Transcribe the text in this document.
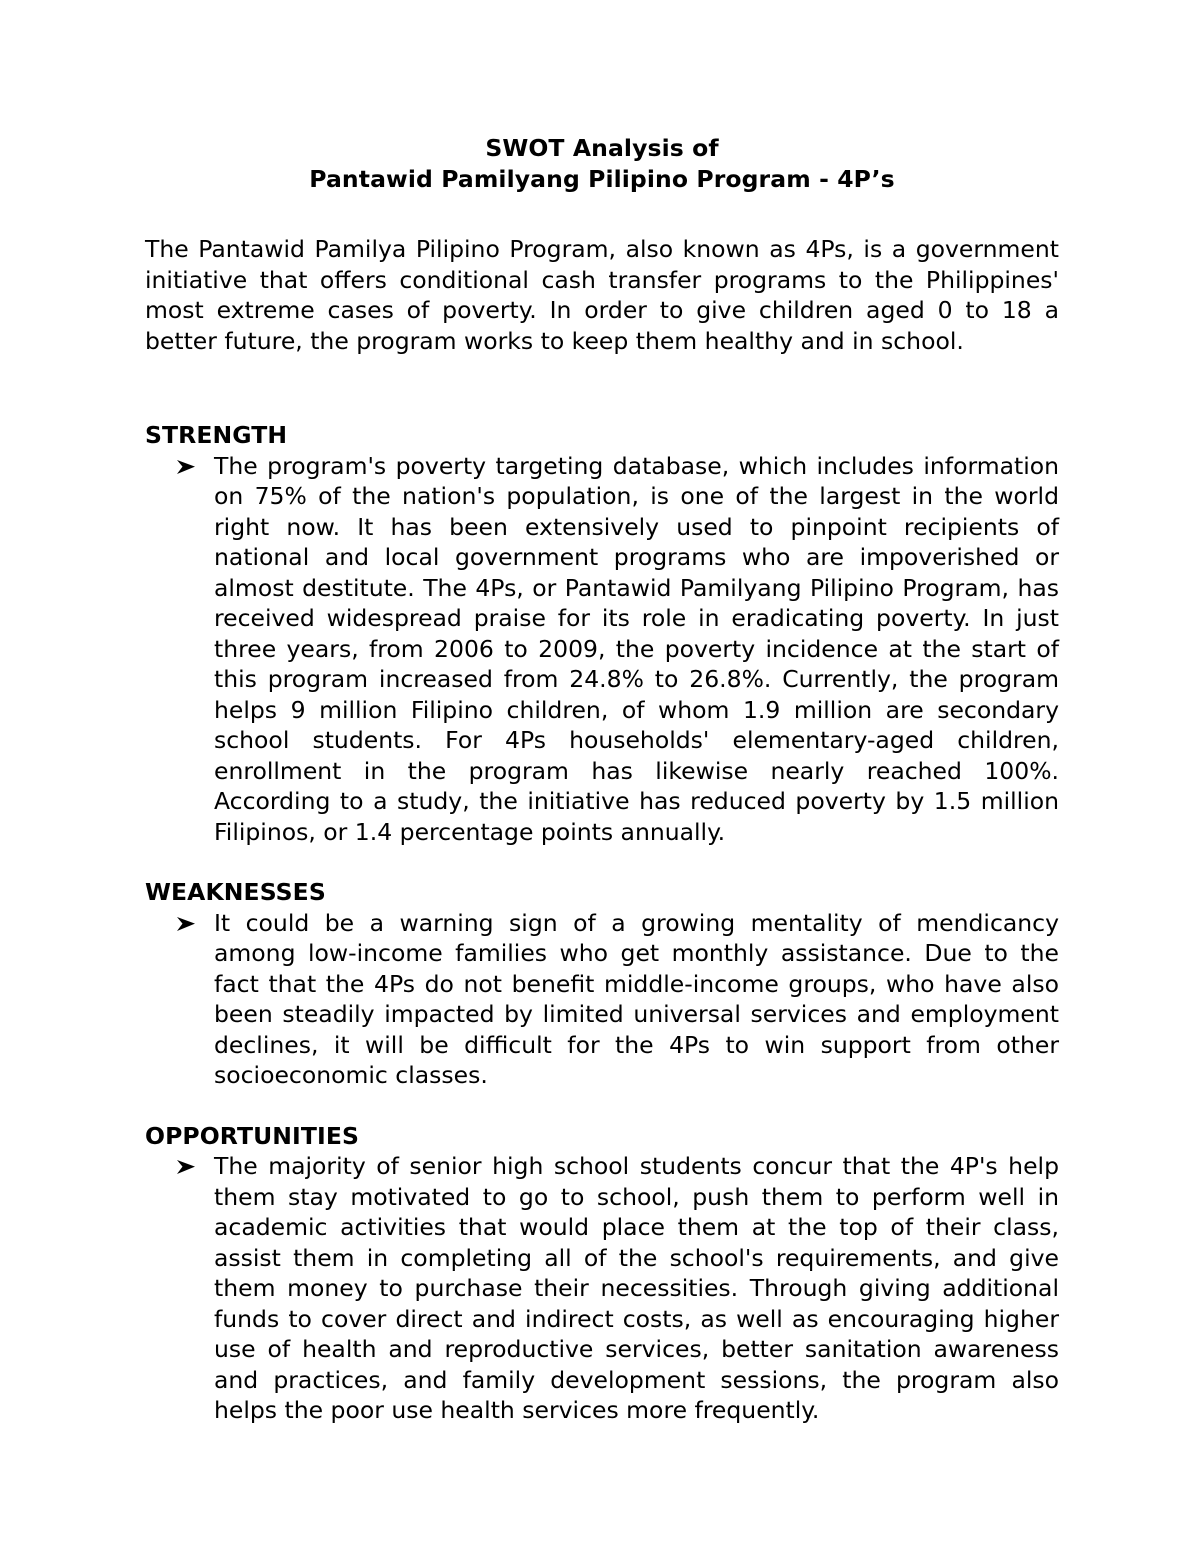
SWOT Analysis of
Pantawid Pamilyang Pilipino Program - 4P’s

The Pantawid Pamilya Pilipino Program, also known as 4Ps, is a government initiative that offers conditional cash transfer programs to the Philippines' most extreme cases of poverty. In order to give children aged 0 to 18 a better future, the program works to keep them healthy and in school.

STRENGTH
The program's poverty targeting database, which includes information on 75% of the nation's population, is one of the largest in the world right now. It has been extensively used to pinpoint recipients of national and local government programs who are impoverished or almost destitute. The 4Ps, or Pantawid Pamilyang Pilipino Program, has received widespread praise for its role in eradicating poverty. In just three years, from 2006 to 2009, the poverty incidence at the start of this program increased from 24.8% to 26.8%. Currently, the program helps 9 million Filipino children, of whom 1.9 million are secondary school students. For 4Ps households' elementary-aged children, enrollment in the program has likewise nearly reached 100%. According to a study, the initiative has reduced poverty by 1.5 million Filipinos, or 1.4 percentage points annually.
WEAKNESSES
It could be a warning sign of a growing mentality of mendicancy among low-income families who get monthly assistance. Due to the fact that the 4Ps do not benefit middle-income groups, who have also been steadily impacted by limited universal services and employment declines, it will be difficult for the 4Ps to win support from other socioeconomic classes.
OPPORTUNITIES
The majority of senior high school students concur that the 4P's help them stay motivated to go to school, push them to perform well in academic activities that would place them at the top of their class, assist them in completing all of the school's requirements, and give them money to purchase their necessities. Through giving additional funds to cover direct and indirect costs, as well as encouraging higher use of health and reproductive services, better sanitation awareness and practices, and family development sessions, the program also helps the poor use health services more frequently.
